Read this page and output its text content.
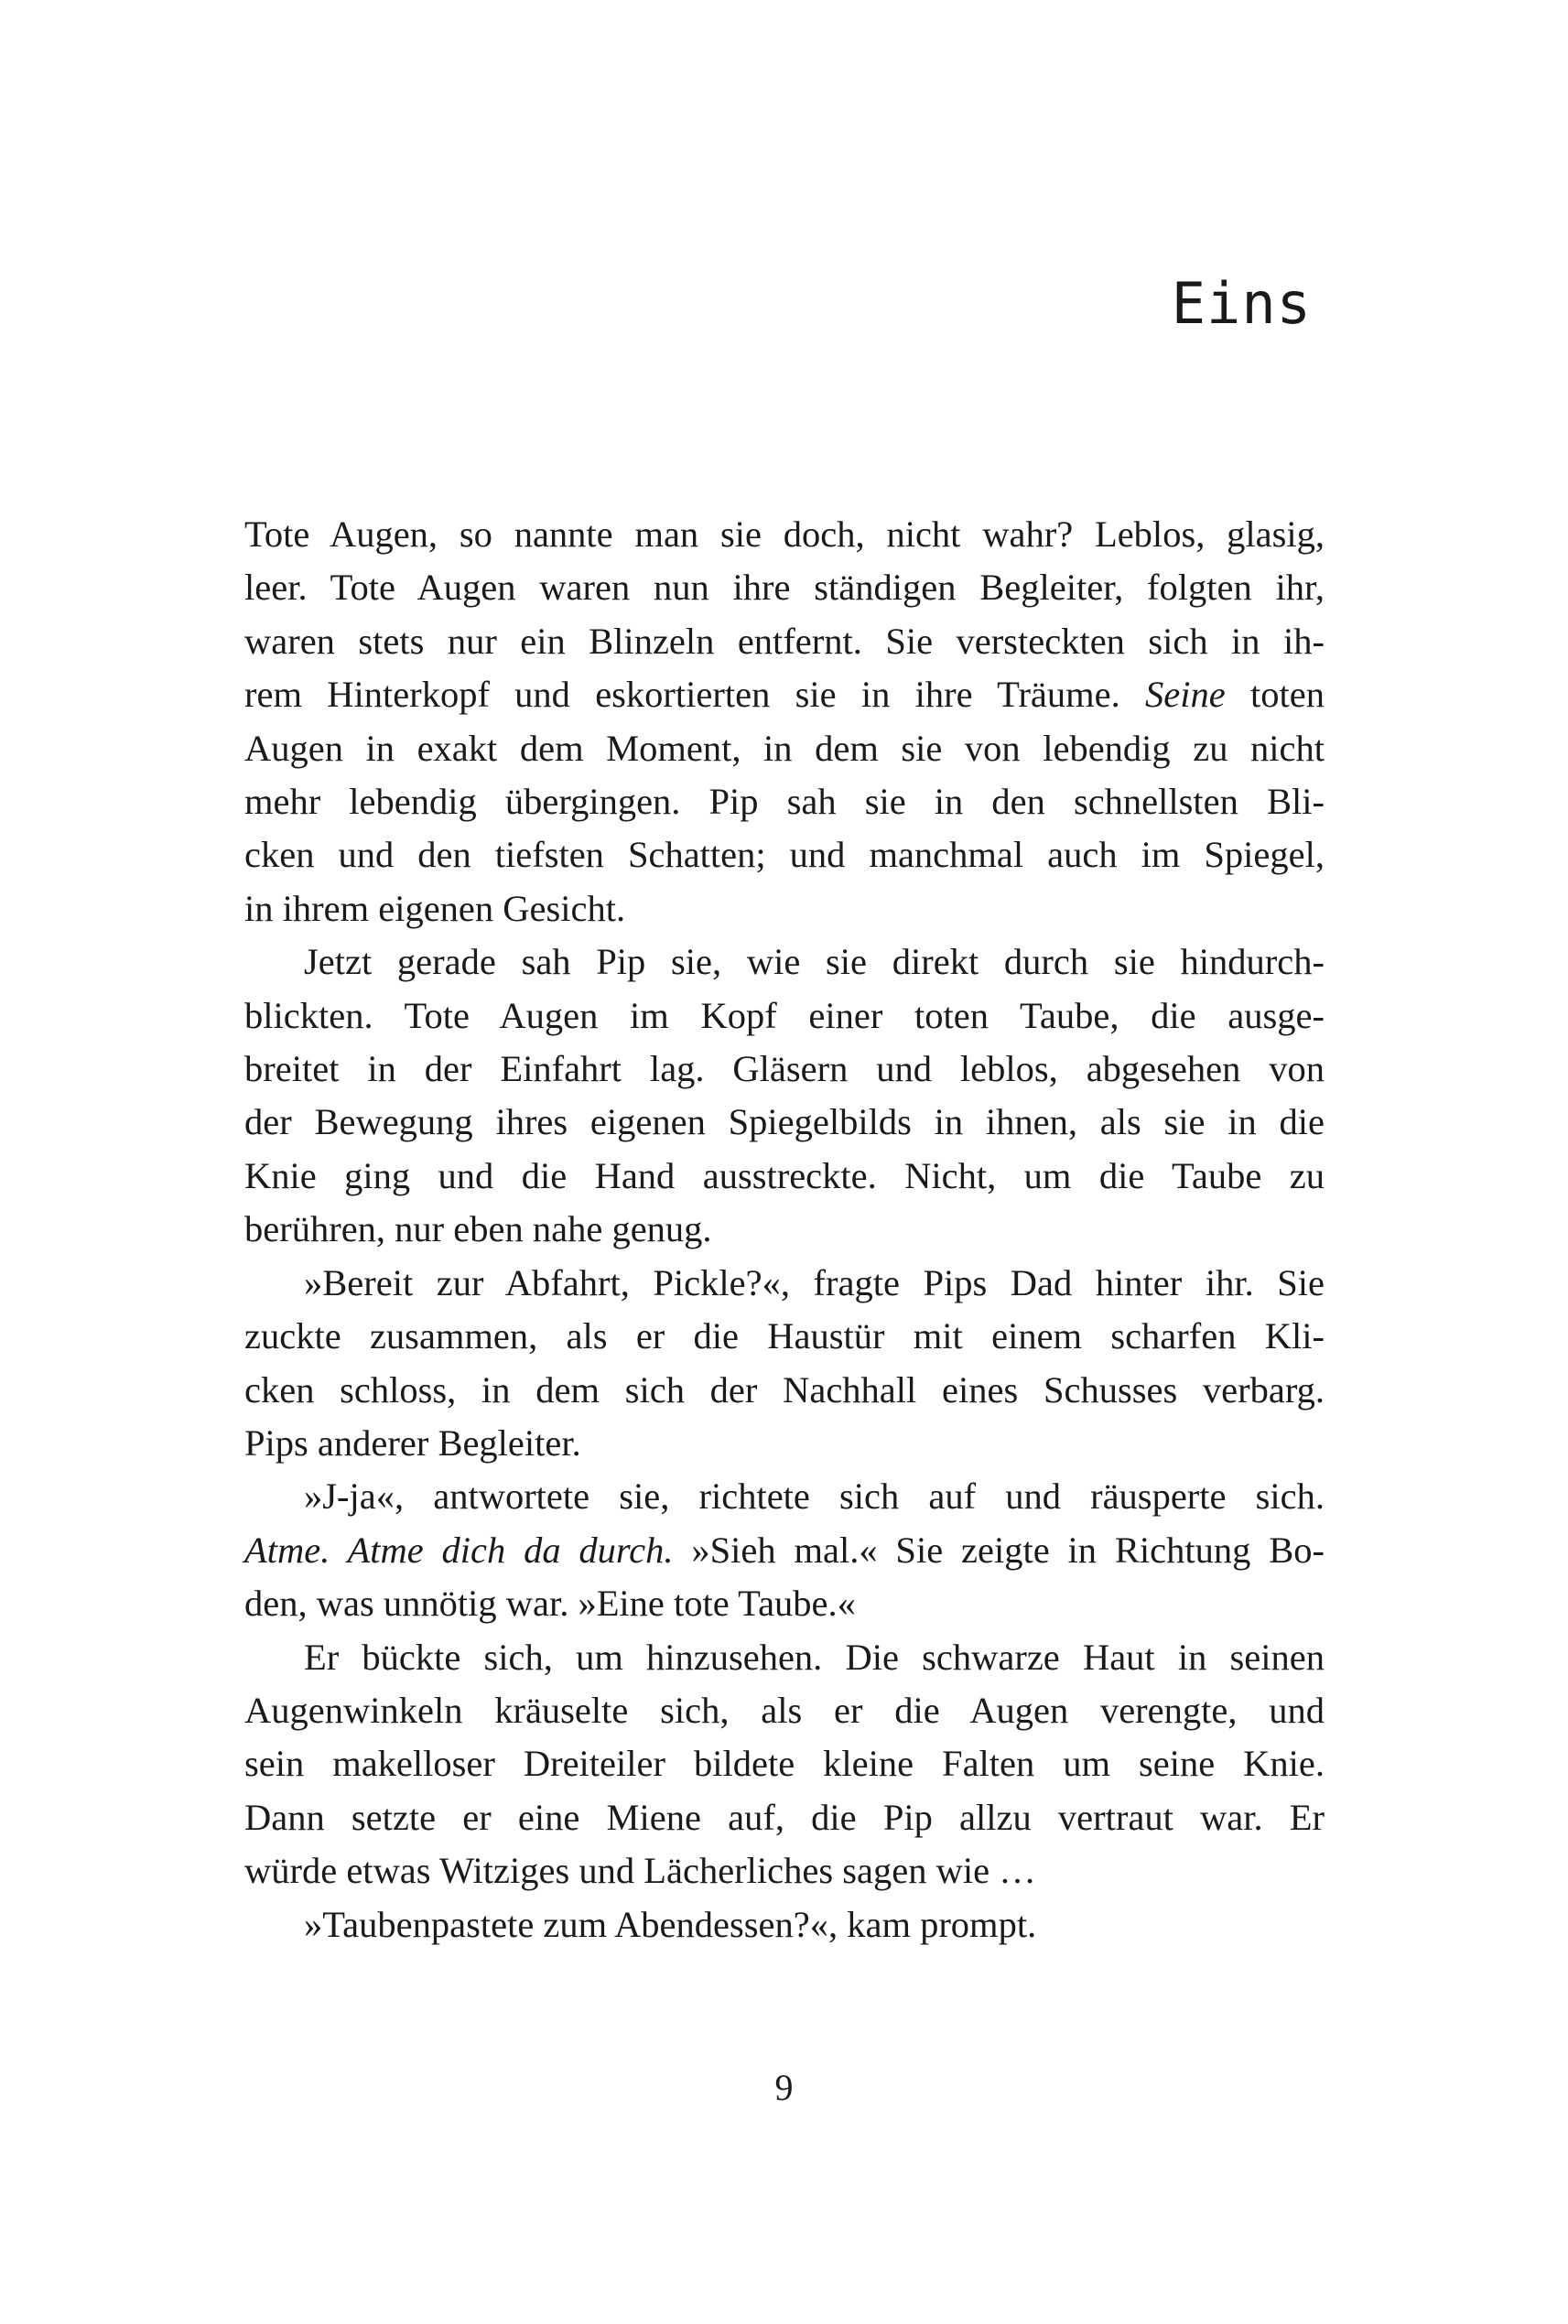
Eins

Tote Augen, so nannte man sie doch, nicht wahr? Leblos, glasig,
leer. Tote Augen waren nun ihre ständigen Begleiter, folgten ihr,
waren stets nur ein Blinzeln entfernt. Sie versteckten sich in ih-
rem Hinterkopf und eskortierten sie in ihre Träume. Seine toten
Augen in exakt dem Moment, in dem sie von lebendig zu nicht
mehr lebendig übergingen. Pip sah sie in den schnellsten Bli-
cken und den tiefsten Schatten; und manchmal auch im Spiegel,
in ihrem eigenen Gesicht.

Jetzt gerade sah Pip sie, wie sie direkt durch sie hindurch-
blickten. Tote Augen im Kopf einer toten Taube, die ausge-
breitet in der Einfahrt lag. Gläsern und leblos, abgesehen von
der Bewegung ihres eigenen Spiegelbilds in ihnen, als sie in die
Knie ging und die Hand ausstreckte. Nicht, um die Taube zu
berühren, nur eben nahe genug.

»Bereit zur Abfahrt, Pickle?«, fragte Pips Dad hinter ihr. Sie
zuckte zusammen, als er die Haustür mit einem scharfen Kli-
cken schloss, in dem sich der Nachhall eines Schusses verbarg.
Pips anderer Begleiter.

»J-ja«, antwortete sie, richtete sich auf und räusperte sich.
Atme. Atme dich da durch. »Sieh mal.« Sie zeigte in Richtung Bo-
den, was unnötig war. »Eine tote Taube.«

Er bückte sich, um hinzusehen. Die schwarze Haut in seinen
Augenwinkeln kräuselte sich, als er die Augen verengte, und
sein makelloser Dreiteiler bildete kleine Falten um seine Knie.
Dann setzte er eine Miene auf, die Pip allzu vertraut war. Er
würde etwas Witziges und Lächerliches sagen wie …

»Taubenpastete zum Abendessen?«, kam prompt.

9
